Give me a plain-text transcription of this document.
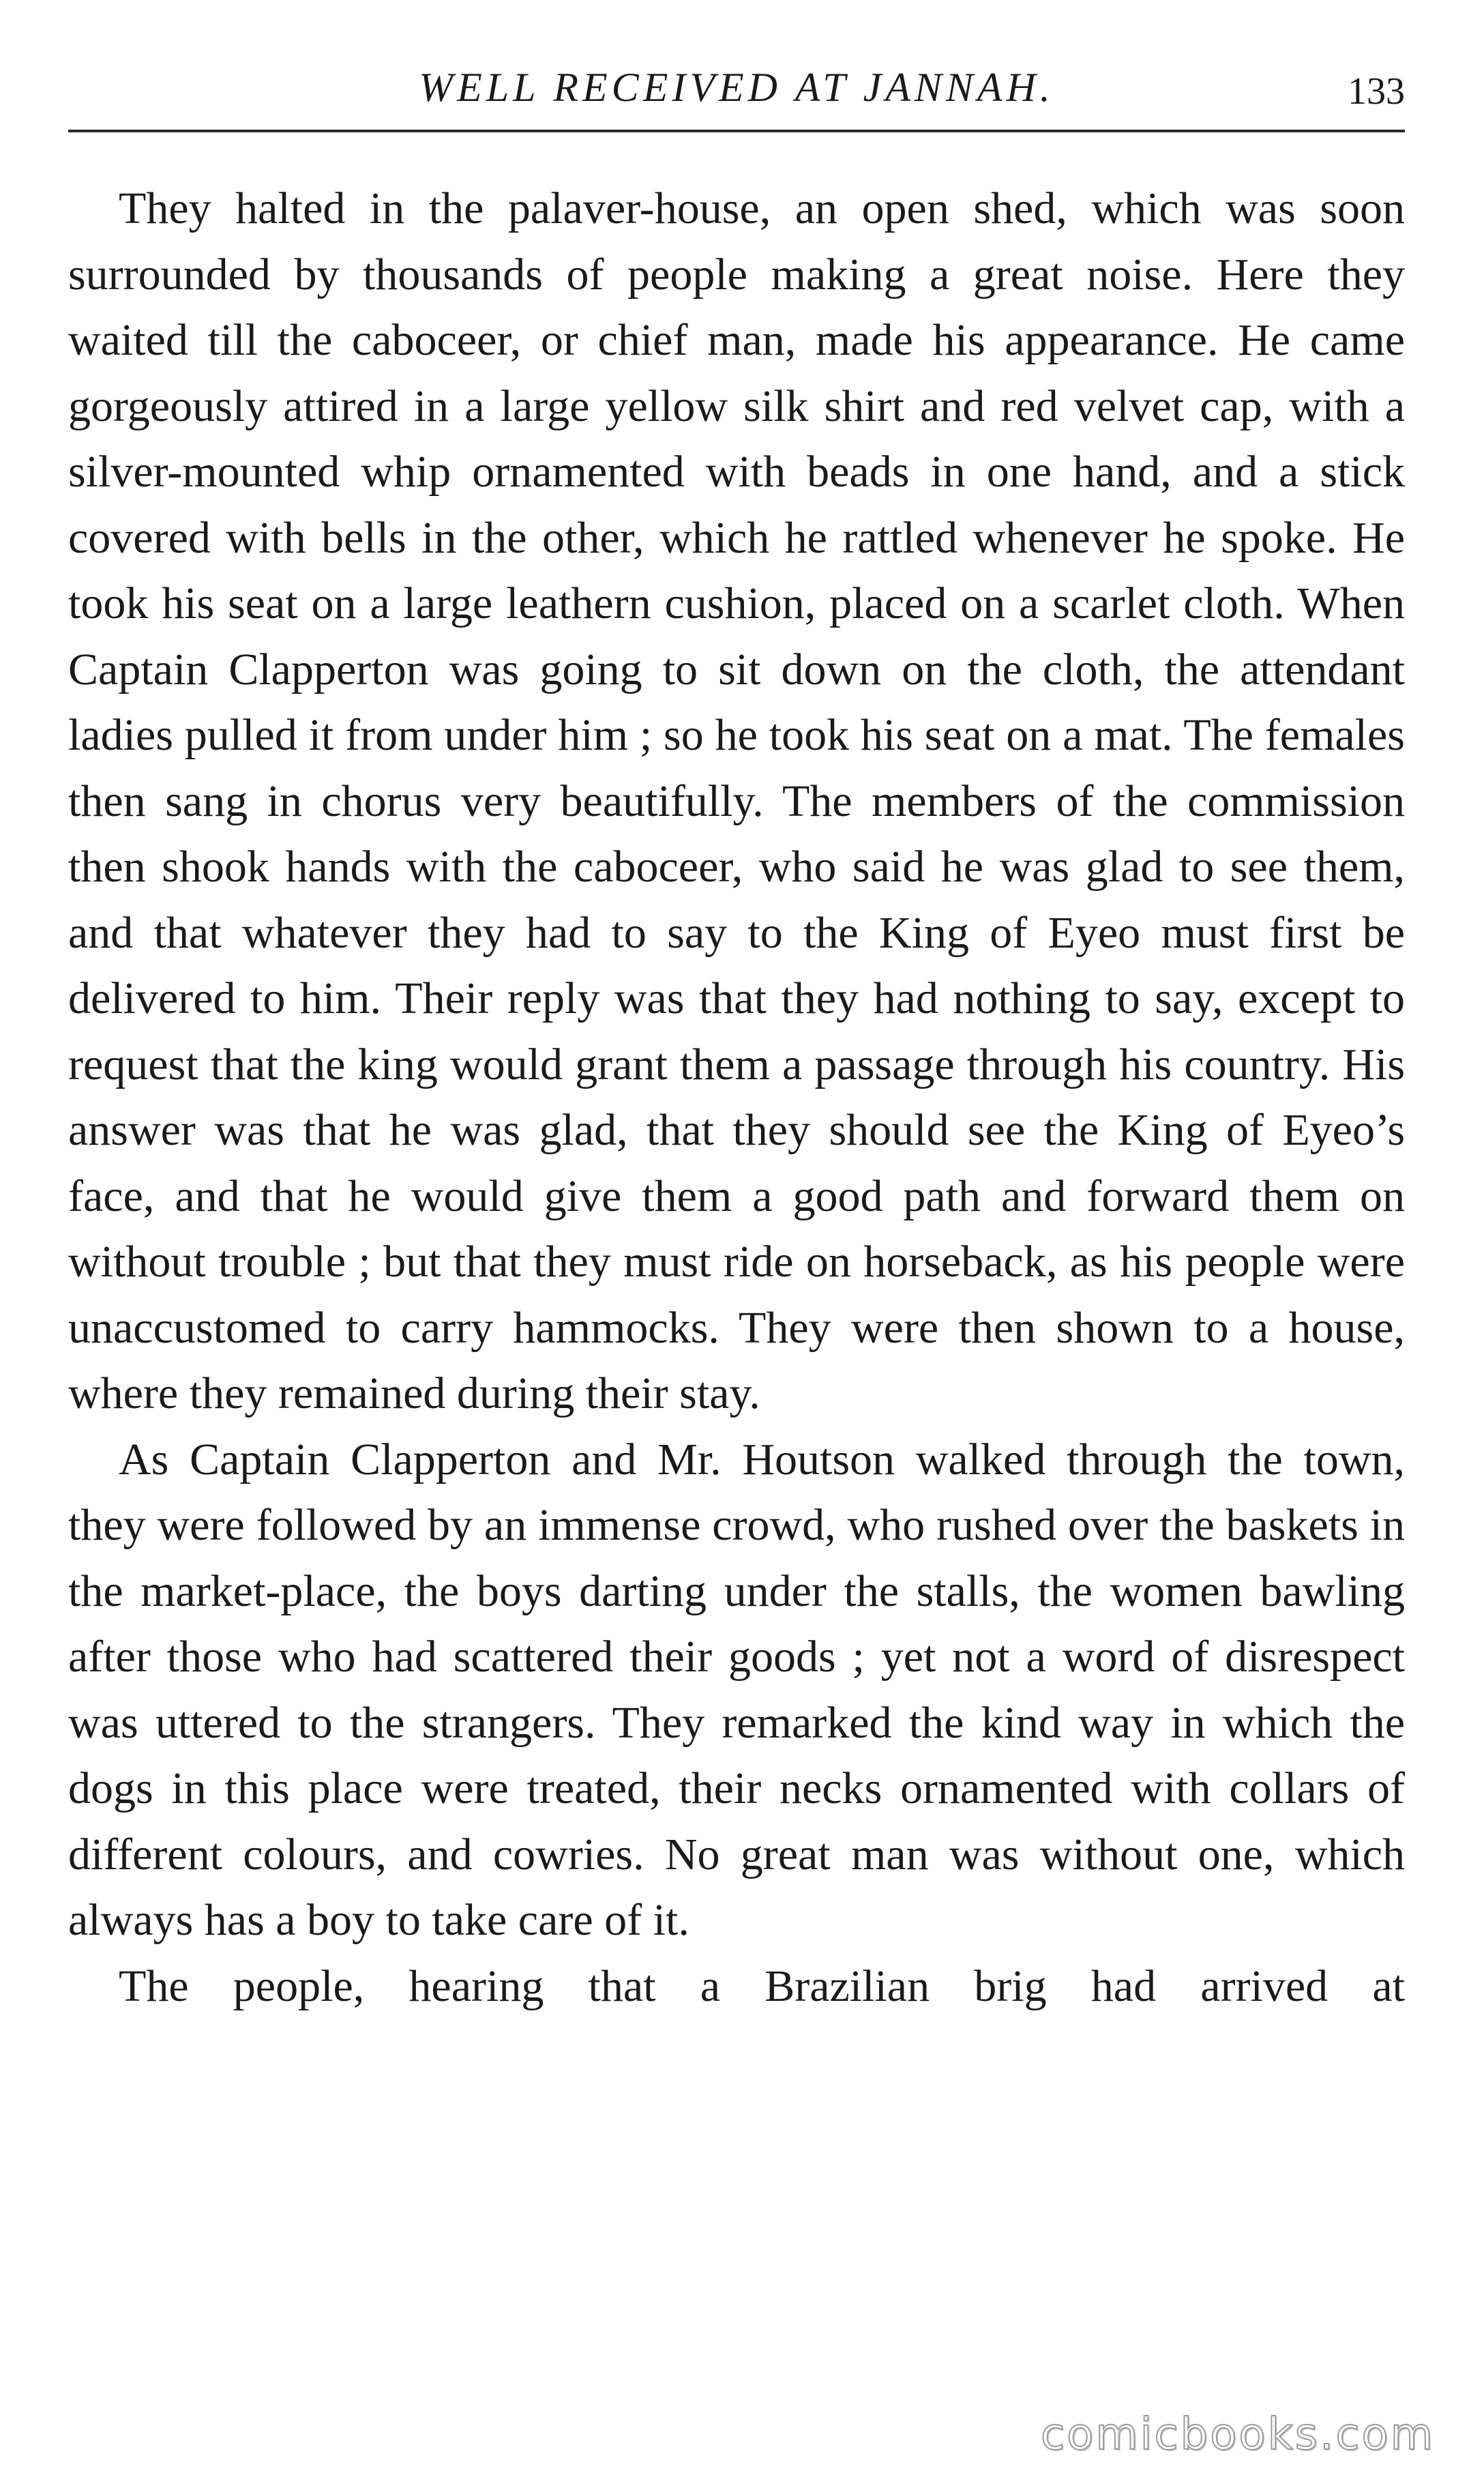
WELL RECEIVED AT JANNAH.	133

They halted in the palaver-house, an open shed, which was soon surrounded by thousands of people making a great noise. Here they waited till the caboceer, or chief man, made his appearance. He came gorgeously attired in a large yellow silk shirt and red velvet cap, with a silver-mounted whip ornamented with beads in one hand, and a stick covered with bells in the other, which he rattled whenever he spoke. He took his seat on a large leathern cushion, placed on a scarlet cloth. When Captain Clapperton was going to sit down on the cloth, the attendant ladies pulled it from under him ; so he took his seat on a mat. The females then sang in chorus very beautifully. The members of the commission then shook hands with the caboceer, who said he was glad to see them, and that whatever they had to say to the King of Eyeo must first be delivered to him. Their reply was that they had nothing to say, except to request that the king would grant them a passage through his country. His answer was that he was glad, that they should see the King of Eyeo’s face, and that he would give them a good path and forward them on without trouble ; but that they must ride on horseback, as his people were unaccustomed to carry hammocks. They were then shown to a house, where they remained during their stay.

As Captain Clapperton and Mr. Houtson walked through the town, they were followed by an immense crowd, who rushed over the baskets in the market-place, the boys darting under the stalls, the women bawling after those who had scattered their goods ; yet not a word of disrespect was uttered to the strangers. They remarked the kind way in which the dogs in this place were treated, their necks ornamented with collars of different colours, and cowries. No great man was without one, which always has a boy to take care of it.

The people, hearing that a Brazilian brig had arrived at

comicbooks.com
